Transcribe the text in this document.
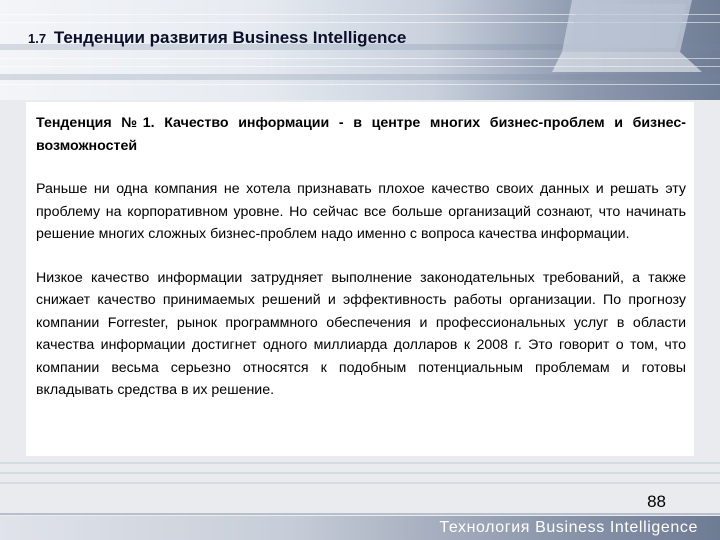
1.7 Тенденции развития Business Intelligence

Тенденция №1. Качество информации - в центре многих бизнес-проблем и бизнес-возможностей

Раньше ни одна компания не хотела признавать плохое качество своих данных и решать эту проблему на корпоративном уровне. Но сейчас все больше организаций сознают, что начинать решение многих сложных бизнес-проблем надо именно с вопроса качества информации.

Низкое качество информации затрудняет выполнение законодательных требований, а также снижает качество принимаемых решений и эффективность работы организации. По прогнозу компании Forrester, рынок программного обеспечения и профессиональных услуг в области качества информации достигнет одного миллиарда долларов к 2008 г. Это говорит о том, что компании весьма серьезно относятся к подобным потенциальным проблемам и готовы вкладывать средства в их решение.

88
Технология Business Intelligence
